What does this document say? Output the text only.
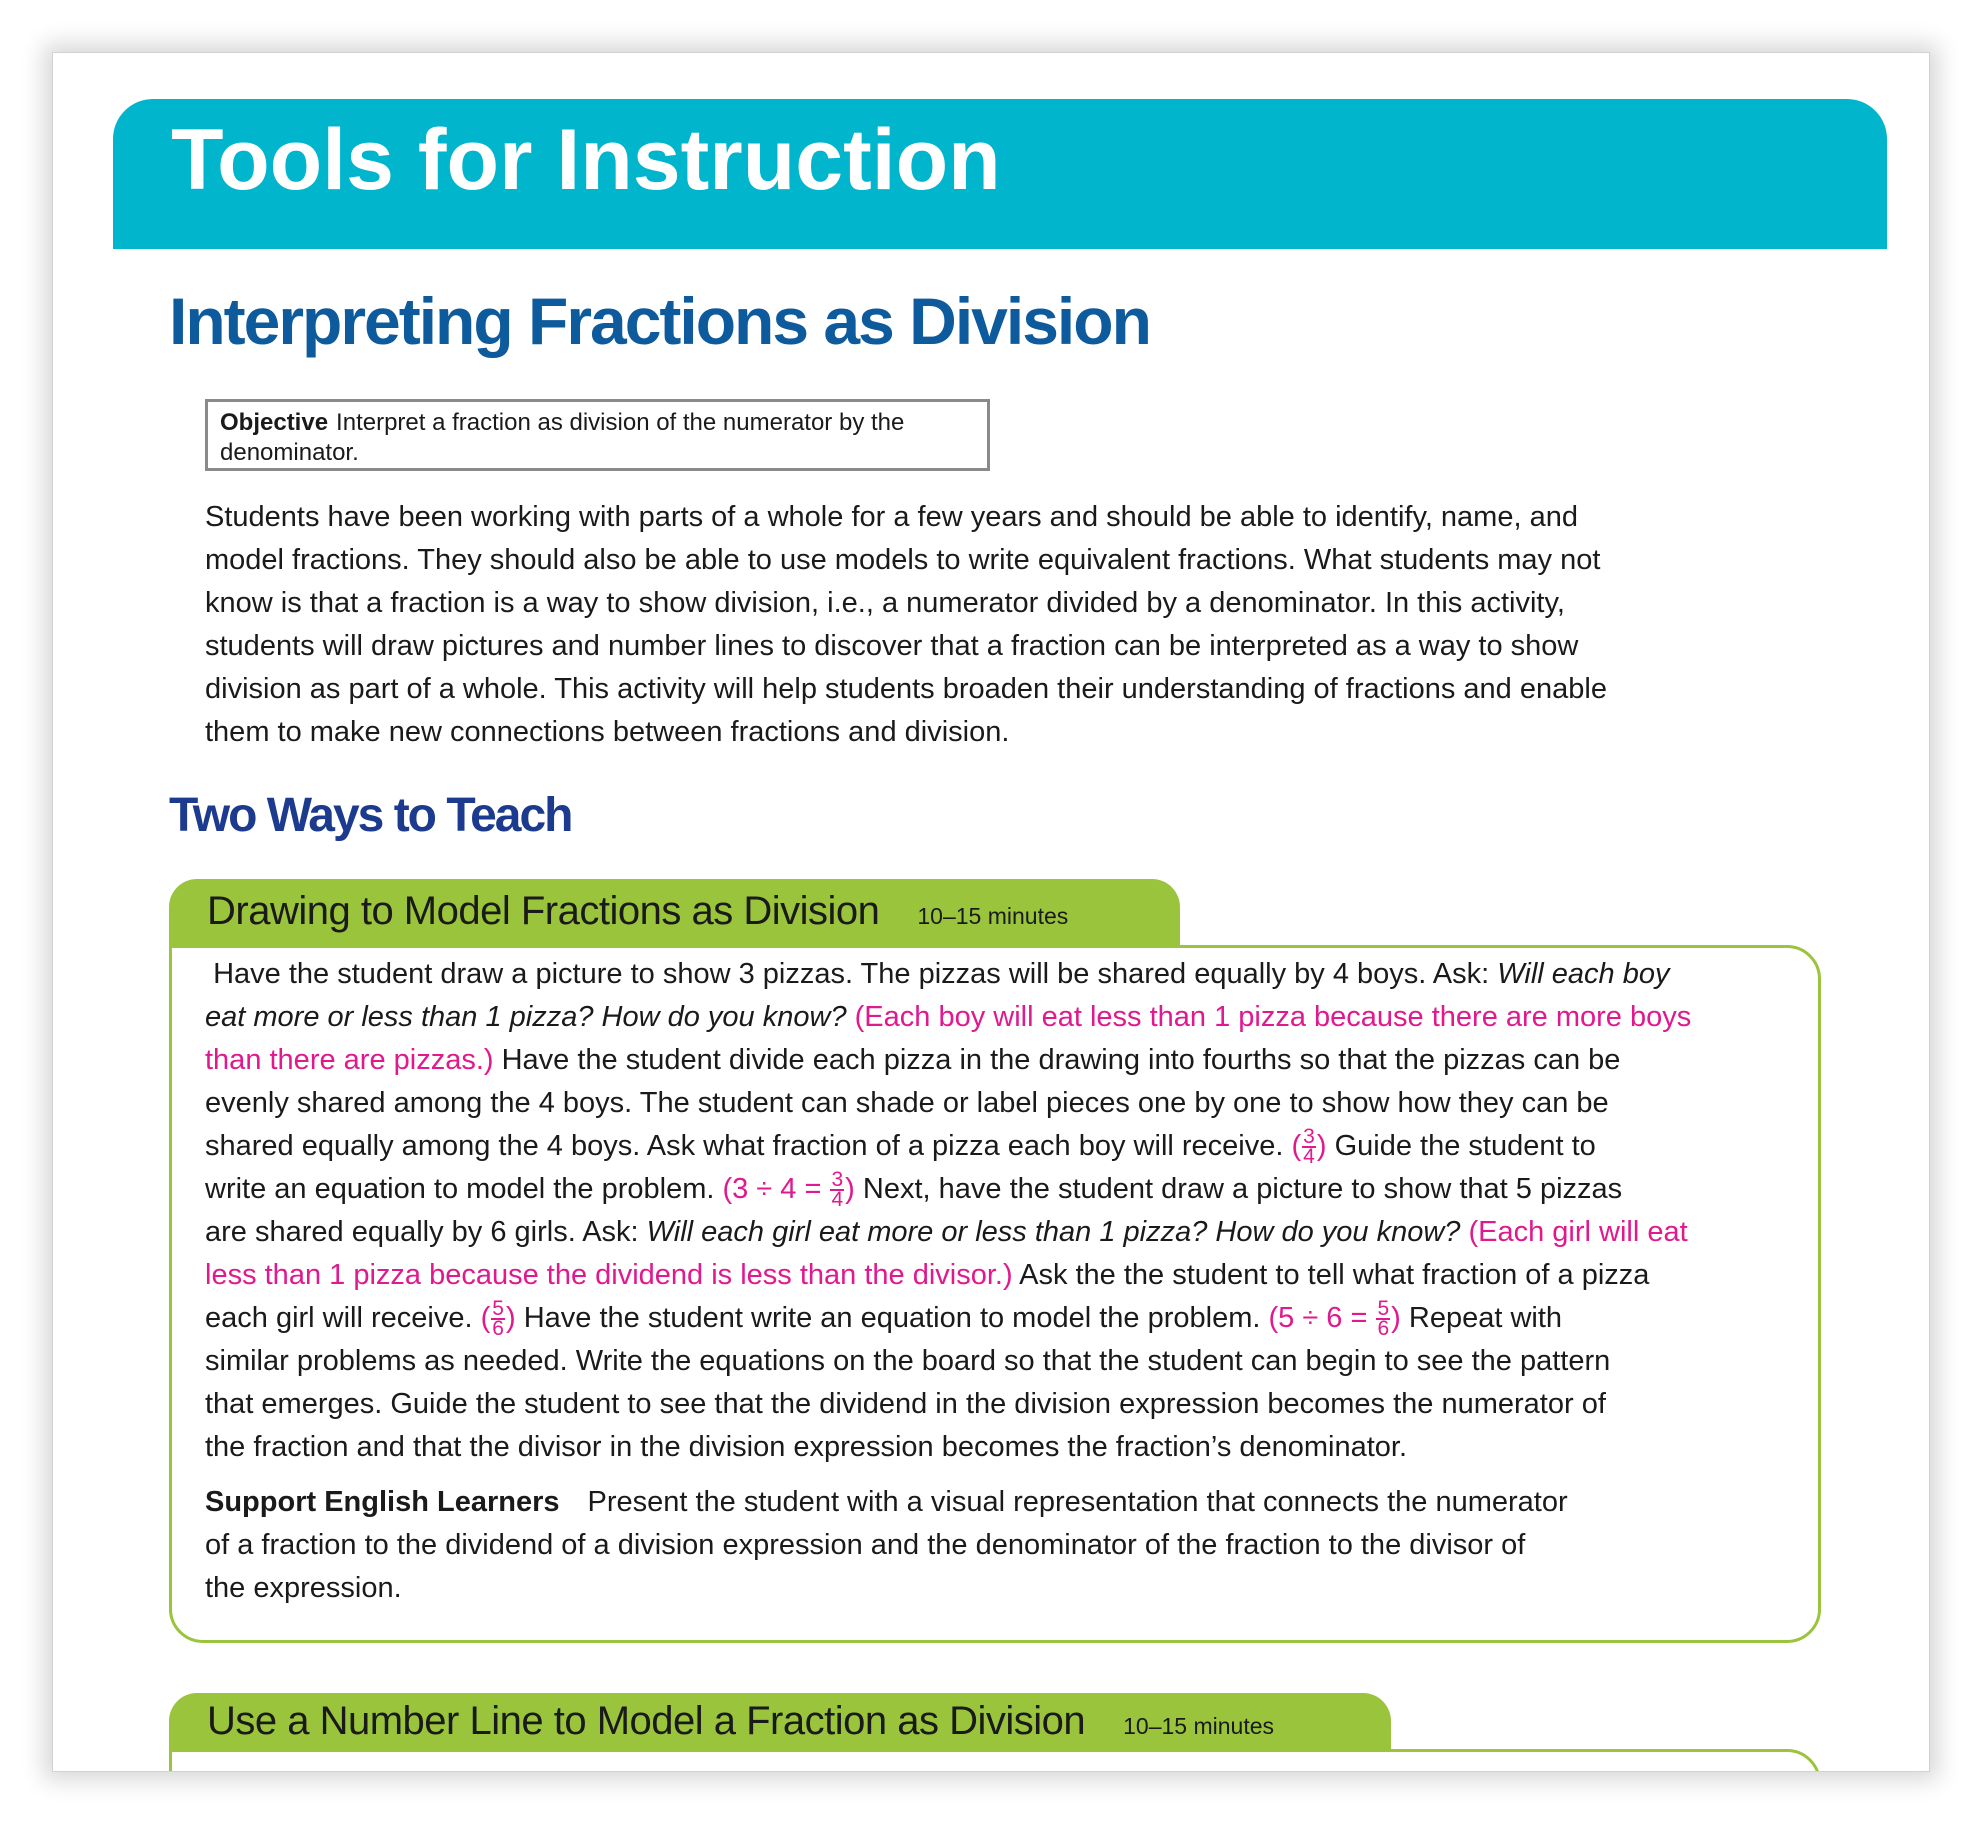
Tools for Instruction
Interpreting Fractions as Division
Objective Interpret a fraction as division of the numerator by the
denominator.

Students have been working with parts of a whole for a few years and should be able to identify, name, and

model fractions. They should also be able to use models to write equivalent fractions. What students may not

know is that a fraction is a way to show division, i.e., a numerator divided by a denominator. In this activity,

students will draw pictures and number lines to discover that a fraction can be interpreted as a way to show

division as part of a whole. This activity will help students broaden their understanding of fractions and enable

them to make new connections between fractions and division.

Two Ways to Teach
Drawing to Model Fractions as Division 10–15 minutes

Have the student draw a picture to show 3 pizzas. The pizzas will be shared equally by 4 boys. Ask: Will each boy

eat more or less than 1 pizza? How do you know? (Each boy will eat less than 1 pizza because there are more boys

than there are pizzas.) Have the student divide each pizza in the drawing into fourths so that the pizzas can be

evenly shared among the 4 boys. The student can shade or label pieces one by one to show how they can be

shared equally among the 4 boys. Ask what fraction of a pizza each boy will receive. ( $\frac{3}{4}$ ) Guide the student to

write an equation to model the problem. ($3 \div 4 = \frac{3}{4}$ ) Next, have the student draw a picture to show that 5 pizzas

are shared equally by 6 girls. Ask: Will each girl eat more or less than 1 pizza? How do you know? (Each girl will eat

less than 1 pizza because the dividend is less than the divisor.) Ask the the student to tell what fraction of a pizza

each girl will receive. ( $\frac{5}{6}$ ) Have the student write an equation to model the problem. ($5 \div 6 = \frac{5}{6}$ ) Repeat with

similar problems as needed. Write the equations on the board so that the student can begin to see the pattern

that emerges. Guide the student to see that the dividend in the division expression becomes the numerator of

the fraction and that the divisor in the division expression becomes the fraction’s denominator.

Support English Learners Present the student with a visual representation that connects the numerator

of a fraction to the dividend of a division expression and the denominator of the fraction to the divisor of

the expression.

Use a Number Line to Model a Fraction as Division 10–15 minutes
